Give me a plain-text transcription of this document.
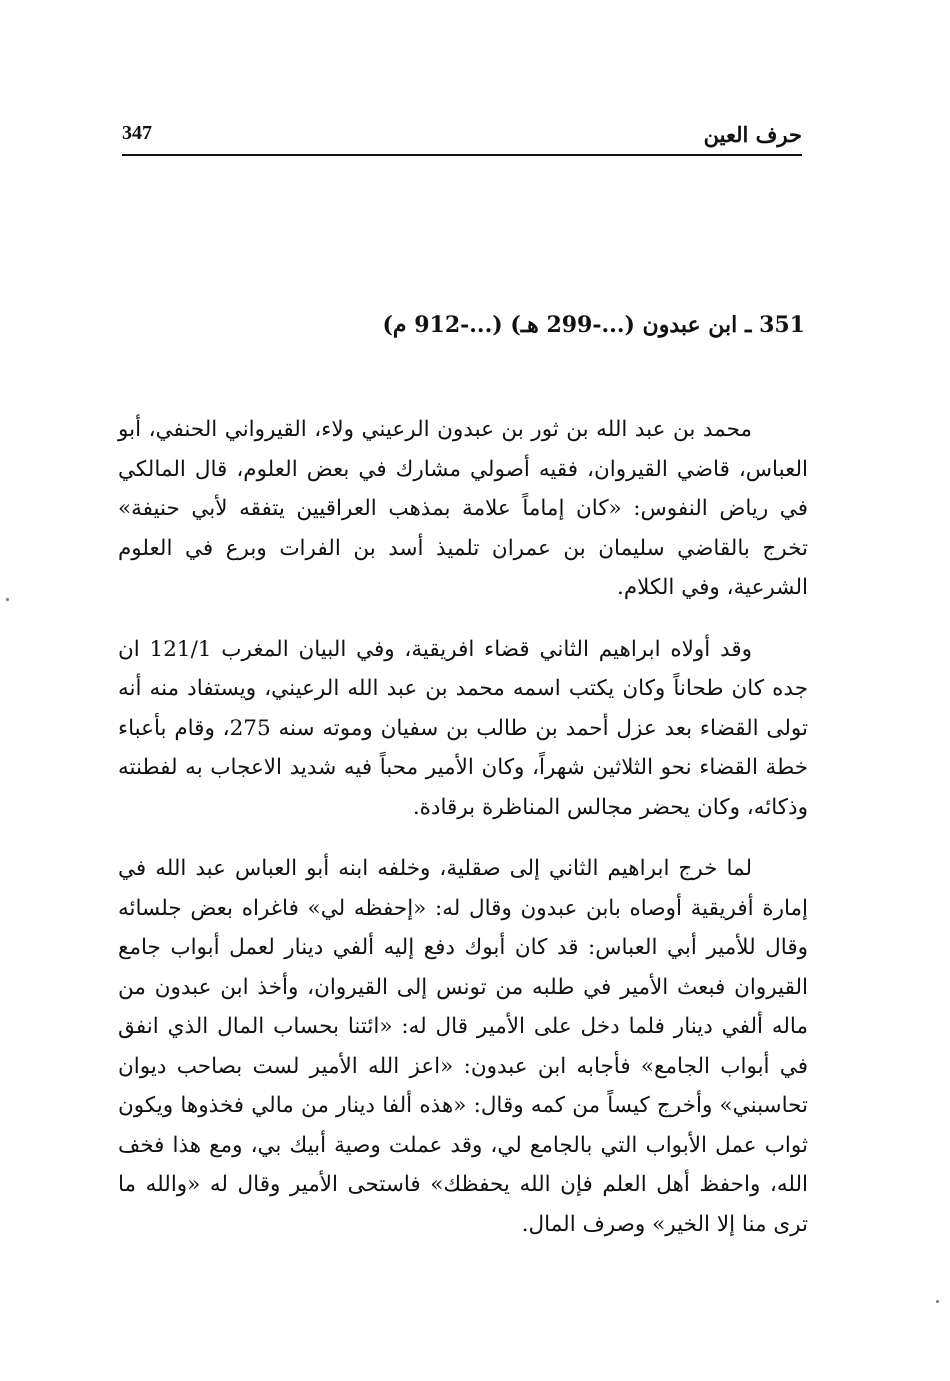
حرف العين
347
351 ـ ابن عبدون (...-299 هـ) (...-912 م)

محمد بن عبد الله بن ثور بن عبدون الرعيني ولاء، القيرواني الحنفي، أبو العباس، قاضي القيروان، فقيه أصولي مشارك في بعض العلوم، قال المالكي في رياض النفوس: «كان إماماً علامة بمذهب العراقيين يتفقه لأبي حنيفة» تخرج بالقاضي سليمان بن عمران تلميذ أسد بن الفرات وبرع في العلوم الشرعية، وفي الكلام.

وقد أولاه ابراهيم الثاني قضاء افريقية، وفي البيان المغرب 121/1 ان جده كان طحاناً وكان يكتب اسمه محمد بن عبد الله الرعيني، ويستفاد منه أنه تولى القضاء بعد عزل أحمد بن طالب بن سفيان وموته سنه 275، وقام بأعباء خطة القضاء نحو الثلاثين شهراً، وكان الأمير محباً فيه شديد الاعجاب به لفطنته وذكائه، وكان يحضر مجالس المناظرة برقادة.

لما خرج ابراهيم الثاني إلى صقلية، وخلفه ابنه أبو العباس عبد الله في إمارة أفريقية أوصاه بابن عبدون وقال له: «إحفظه لي» فاغراه بعض جلسائه وقال للأمير أبي العباس: قد كان أبوك دفع إليه ألفي دينار لعمل أبواب جامع القيروان فبعث الأمير في طلبه من تونس إلى القيروان، وأخذ ابن عبدون من ماله ألفي دينار فلما دخل على الأمير قال له: «ائتنا بحساب المال الذي انفق في أبواب الجامع» فأجابه ابن عبدون: «اعز الله الأمير لست بصاحب ديوان تحاسبني» وأخرج كيساً من كمه وقال: «هذه ألفا دينار من مالي فخذوها ويكون ثواب عمل الأبواب التي بالجامع لي، وقد عملت وصية أبيك بي، ومع هذا فخف الله، واحفظ أهل العلم فإن الله يحفظك» فاستحى الأمير وقال له «والله ما ترى منا إلا الخير» وصرف المال.
